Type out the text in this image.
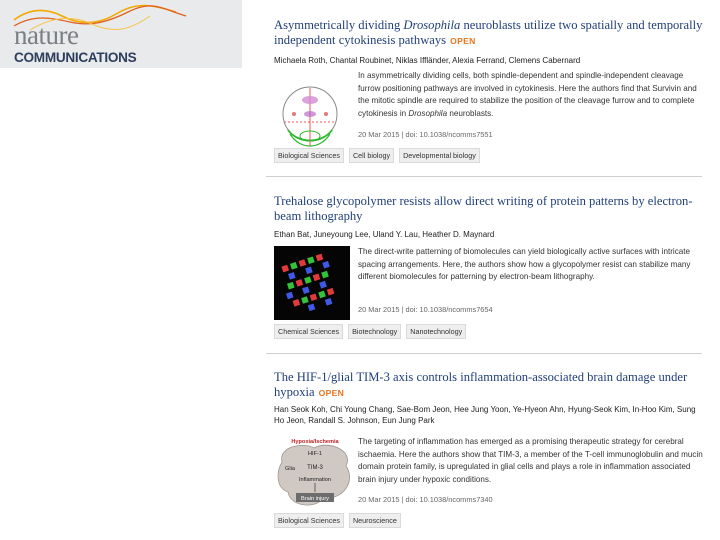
nature
COMMUNICATIONS
Asymmetrically dividing Drosophila neuroblasts utilize two spatially and temporally independent cytokinesis pathways OPEN
Michaela Roth, Chantal Roubinet, Niklas Iffländer, Alexia Ferrand, Clemens Cabernard
In asymmetrically dividing cells, both spindle-dependent and spindle-independent cleavage furrow positioning pathways are involved in cytokinesis. Here the authors find that Survivin and the mitotic spindle are required to stabilize the position of the cleavage furrow and to complete cytokinesis in Drosophila neuroblasts.
20 Mar 2015 | doi: 10.1038/ncomms7551
Biological Sciences	Cell biology	Developmental biology
Trehalose glycopolymer resists allow direct writing of protein patterns by electron-beam lithography
Ethan Bat, Juneyoung Lee, Uland Y. Lau, Heather D. Maynard
The direct-write patterning of biomolecules can yield biologically active surfaces with intricate spacing arrangements. Here, the authors show how a glycopolymer resist can stabilize many different biomolecules for patterning by electron-beam lithography.
20 Mar 2015 | doi: 10.1038/ncomms7654
Chemical Sciences	Biotechnology	Nanotechnology
The HIF-1/glial TIM-3 axis controls inflammation-associated brain damage under hypoxia OPEN
Han Seok Koh, Chi Young Chang, Sae-Bom Jeon, Hee Jung Yoon, Ye-Hyeon Ahn, Hyung-Seok Kim, In-Hoo Kim, Sung Ho Jeon, Randall S. Johnson, Eun Jung Park
Hypoxia/Ischemia
HIF-1
Glia TIM-3
Inflammation
Brain injury
The targeting of inflammation has emerged as a promising therapeutic strategy for cerebral ischaemia. Here the authors show that TIM-3, a member of the T-cell immunoglobulin and mucin domain protein family, is upregulated in glial cells and plays a role in inflammation associated brain injury under hypoxic conditions.
20 Mar 2015 | doi: 10.1038/ncomms7340
Biological Sciences	Neuroscience
